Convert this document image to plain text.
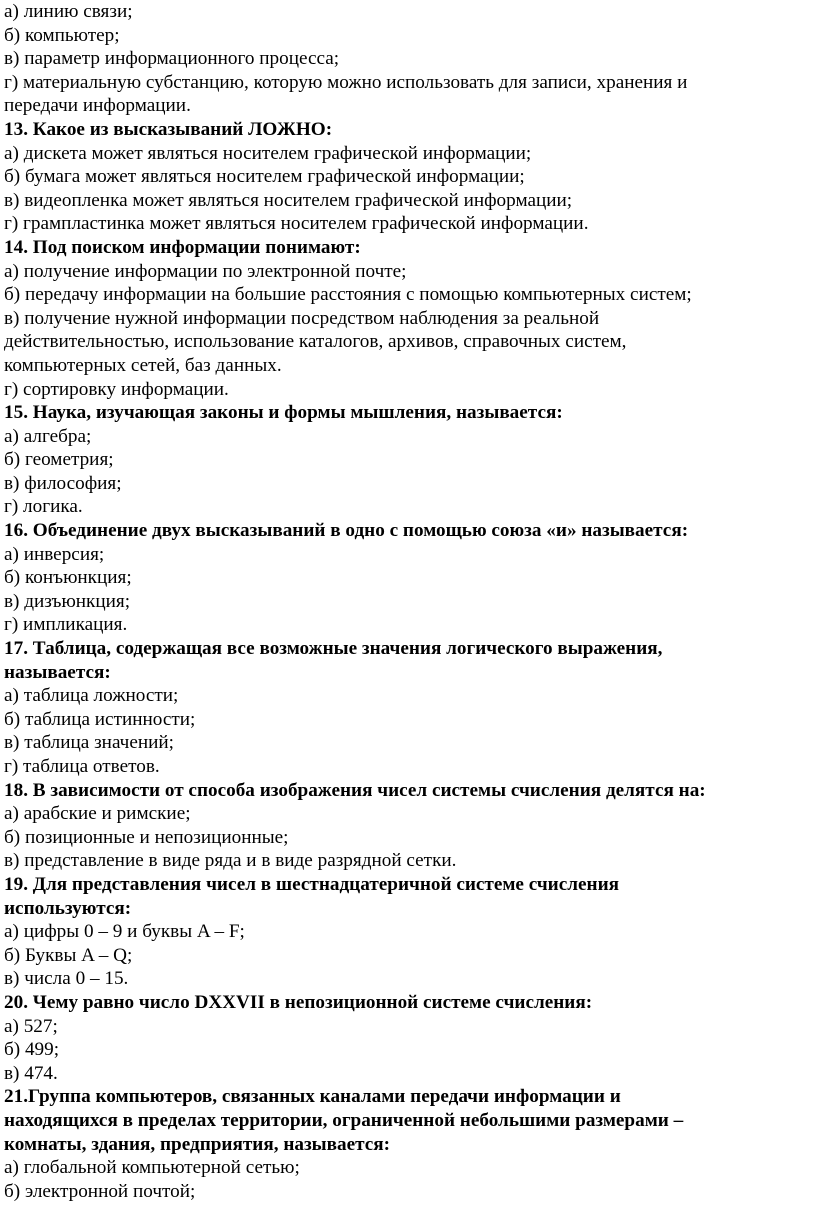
а) линию связи;
б) компьютер;
в) параметр информационного процесса;
г) материальную субстанцию, которую можно использовать для записи, хранения и
передачи информации.
13. Какое из высказываний ЛОЖНО:
а) дискета может являться носителем графической информации;
б) бумага может являться носителем графической информации;
в) видеопленка может являться носителем графической информации;
г) грампластинка может являться носителем графической информации.
14. Под поиском информации понимают:
а) получение информации по электронной почте;
б) передачу информации на большие расстояния с помощью компьютерных систем;
в) получение нужной информации посредством наблюдения за реальной
действительностью, использование каталогов, архивов, справочных систем,
компьютерных сетей, баз данных.
г) сортировку информации.
15. Наука, изучающая законы и формы мышления, называется:
а) алгебра;
б) геометрия;
в) философия;
г) логика.
16. Объединение двух высказываний в одно с помощью союза «и» называется:
а) инверсия;
б) конъюнкция;
в) дизъюнкция;
г) импликация.
17. Таблица, содержащая все возможные значения логического выражения,
называется:
а) таблица ложности;
б) таблица истинности;
в) таблица значений;
г) таблица ответов.
18. В зависимости от способа изображения чисел системы счисления делятся на:
а) арабские и римские;
б) позиционные и непозиционные;
в) представление в виде ряда и в виде разрядной сетки.
19. Для представления чисел в шестнадцатеричной системе счисления
используются:
а) цифры 0 – 9 и буквы A – F;
б) Буквы A – Q;
в) числа 0 – 15.
20. Чему равно число DXXVII в непозиционной системе счисления:
а) 527;
б) 499;
в) 474.
21.Группа компьютеров, связанных каналами передачи информации и
находящихся в пределах территории, ограниченной небольшими размерами –
комнаты, здания, предприятия, называется:
а) глобальной компьютерной сетью;
б) электронной почтой;
